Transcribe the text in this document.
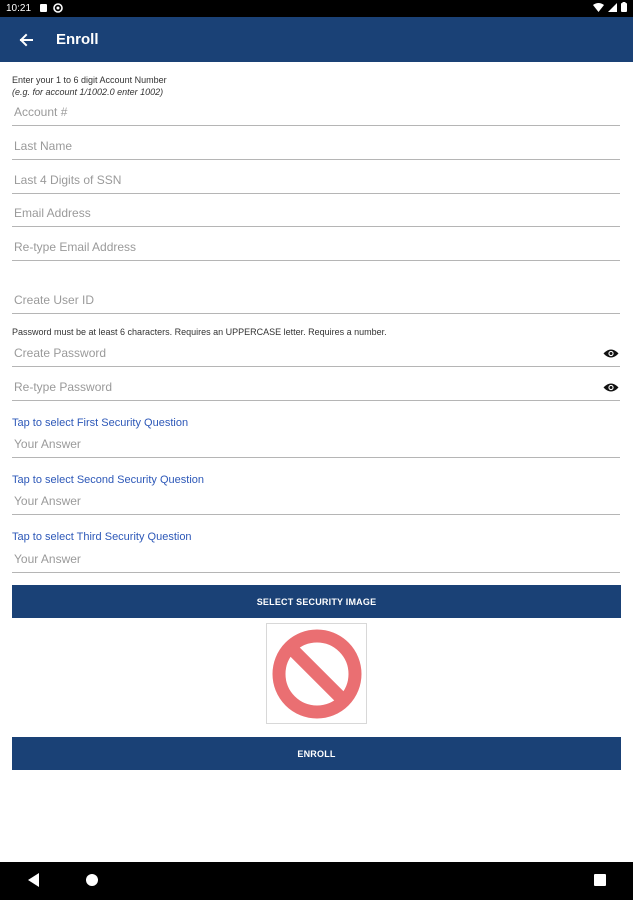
10:21
Enroll
Enter your 1 to 6 digit Account Number
(e.g. for account 1/1002.0 enter 1002)
Account #
Last Name
Last 4 Digits of SSN
Email Address
Re-type Email Address
Create User ID
Password must be at least 6 characters. Requires an UPPERCASE letter. Requires a number.
Tap to select First Security Question
Your Answer
Tap to select Second Security Question
Your Answer
Tap to select Third Security Question
Your Answer
SELECT SECURITY IMAGE
ENROLL
